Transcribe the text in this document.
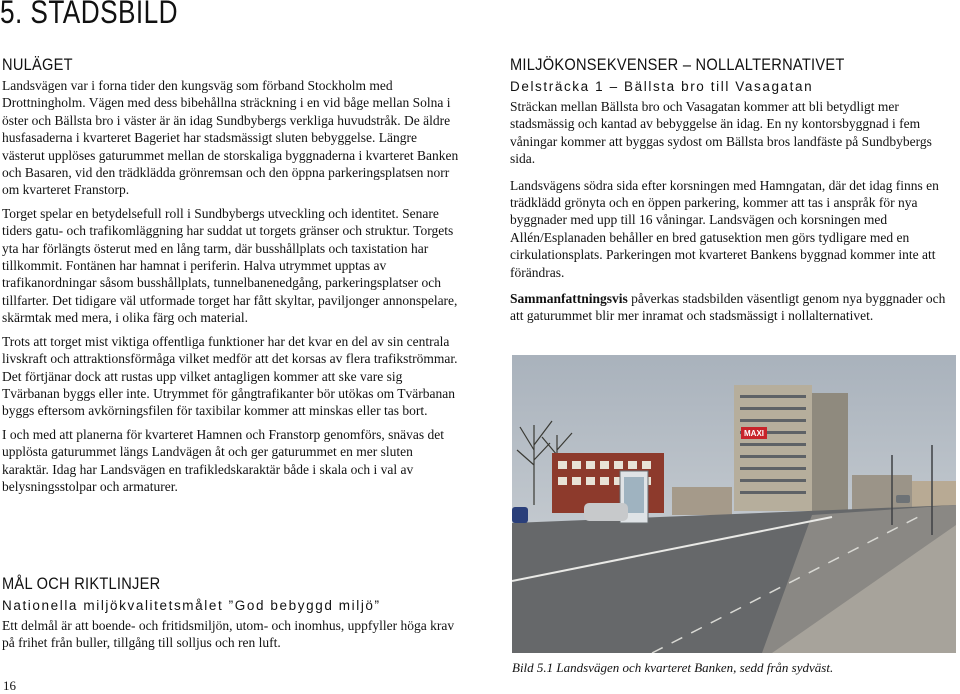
5. STADSBILD
NULÄGET

Landsvägen var i forna tider den kungsväg som förband Stockholm med Drottningholm. Vägen med dess bibehållna sträckning i en vid båge mellan Solna i öster och Bällsta bro i väster är än idag Sundbybergs verkliga huvudstråk. De äldre husfasaderna i kvarteret Bageriet har stadsmässigt sluten bebyggelse. Längre västerut upplöses gaturummet mellan de storskaliga byggnaderna i kvarteret Banken och Basaren, vid den trädklädda grönremsan och den öppna parkeringsplatsen norr om kvarteret Franstorp.

Torget spelar en betydelsefull roll i Sundbybergs utveckling och identitet. Senare tiders gatu- och trafikomläggning har suddat ut torgets gränser och struktur. Torgets yta har förlängts österut med en lång tarm, där busshållplats och taxistation har tillkommit. Fontänen har hamnat i periferin. Halva utrymmet upptas av trafikanordningar såsom busshållplats, tunnelbanenedgång, parkeringsplatser och tillfarter. Det tidigare väl utformade torget har fått skyltar, paviljonger annonspelare, skärmtak med mera, i olika färg och material.

Trots att torget mist viktiga offentliga funktioner har det kvar en del av sin centrala livskraft och attraktionsförmåga vilket medför att det korsas av flera trafikströmmar. Det förtjänar dock att rustas upp vilket antagligen kommer att ske vare sig Tvärbanan byggs eller inte. Utrymmet för gångtrafikanter bör utökas om Tvärbanan byggs eftersom avkörningsfilen för taxibilar kommer att minskas eller tas bort.

I och med att planerna för kvarteret Hamnen och Franstorp genomförs, snävas det upplösta gaturummet längs Landvägen åt och ger gaturummet en mer sluten karaktär. Idag har Landsvägen en trafikledskaraktär både i skala och i val av belysningsstolpar och armaturer.

MÅL OCH RIKTLINJER
Nationella miljökvalitetsmålet ”God bebyggd miljö”

Ett delmål är att boende- och fritidsmiljön, utom- och inomhus, uppfyller höga krav på frihet från buller, tillgång till solljus och ren luft.

MILJÖKONSEKVENSER – NOLLALTERNATIVET
Delsträcka 1 – Bällsta bro till Vasagatan

Sträckan mellan Bällsta bro och Vasagatan kommer att bli betydligt mer stadsmässig och kantad av bebyggelse än idag. En ny kontorsbyggnad i fem våningar kommer att byggas sydost om Bällsta bros landfäste på Sundbybergs sida.

Landsvägens södra sida efter korsningen med Hamngatan, där det idag finns en trädklädd grönyta och en öppen parkering, kommer att tas i anspråk för nya byggnader med upp till 16 våningar. Landsvägen och korsningen med Allén/Esplanaden behåller en bred gatusektion men görs tydligare med en cirkulationsplats. Parkeringen mot kvarteret Bankens byggnad kommer inte att förändras.

Sammanfattningsvis påverkas stadsbilden väsentligt genom nya byggnader och att gaturummet blir mer inramat och stadsmässigt i nollalternativet.

MAXI

Bild 5.1 Landsvägen och kvarteret Banken, sedd från sydväst.

16
